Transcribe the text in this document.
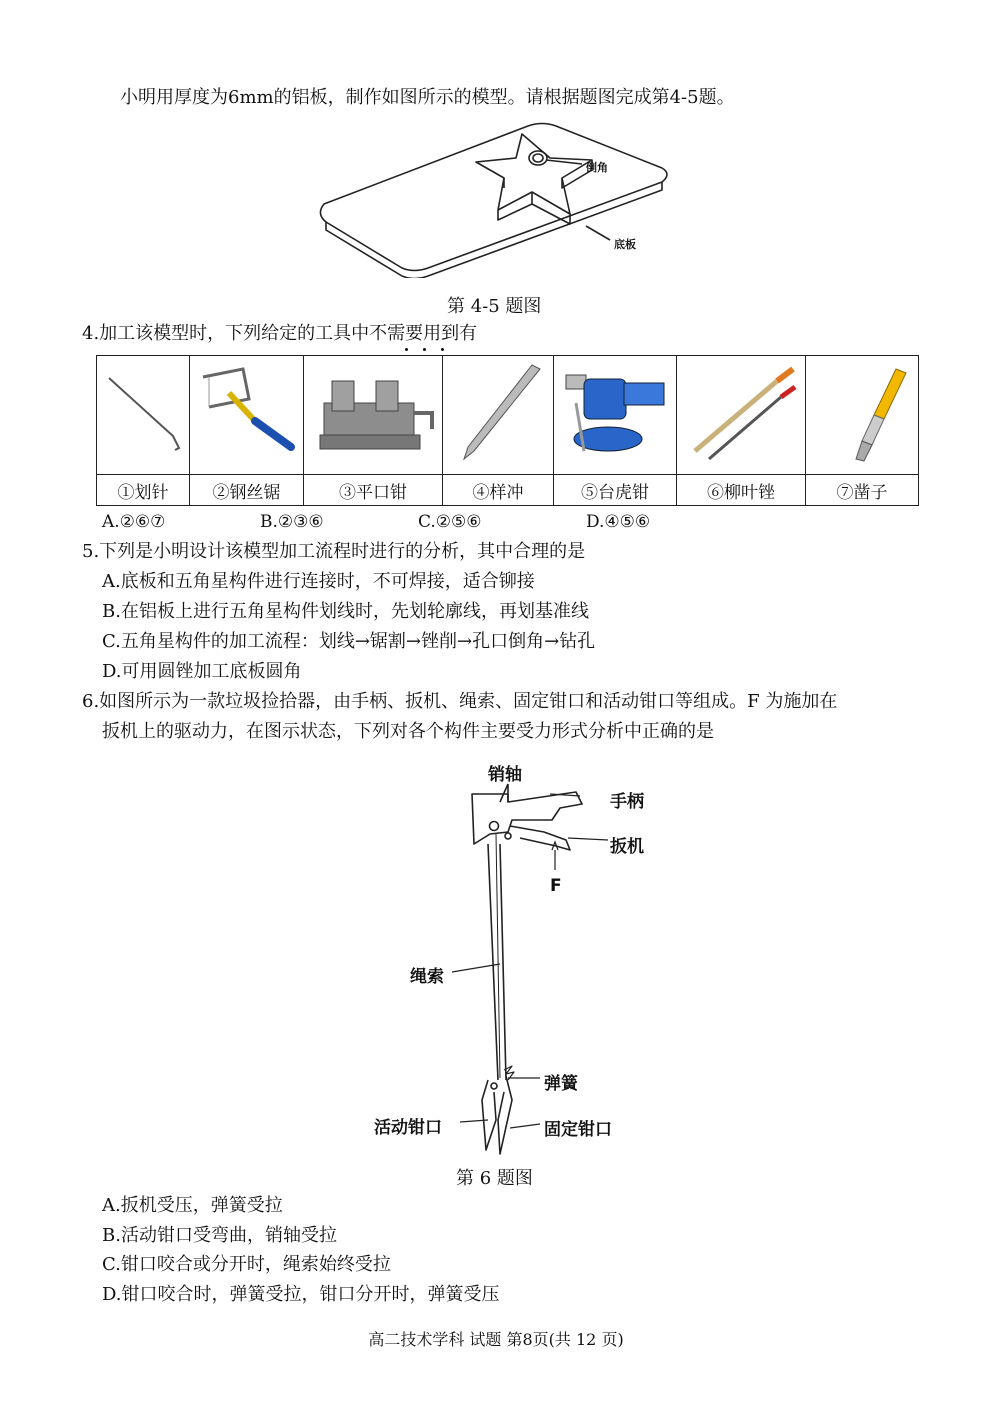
小明用厚度为6mm的铝板，制作如图所示的模型。请根据题图完成第4-5题。
倒角
底板
第 4-5 题图
4.加工该模型时，下列给定的工具中不需要用到有

①划针	②钢丝锯	③平口钳	④样冲	⑤台虎钳	⑥柳叶锉	⑦凿子
A.②⑥⑦	B.②③⑥	C.②⑤⑥	D.④⑤⑥
5.下列是小明设计该模型加工流程时进行的分析，其中合理的是
A.底板和五角星构件进行连接时，不可焊接，适合铆接
B.在铝板上进行五角星构件划线时，先划轮廓线，再划基准线
C.五角星构件的加工流程：划线→锯割→锉削→孔口倒角→钻孔
D.可用圆锉加工底板圆角
6.如图所示为一款垃圾捡拾器，由手柄、扳机、绳索、固定钳口和活动钳口等组成。F 为施加在
扳机上的驱动力，在图示状态，下列对各个构件主要受力形式分析中正确的是
销轴
手柄
扳机
F
绳索
弹簧
活动钳口	固定钳口
第 6 题图
A.扳机受压，弹簧受拉
B.活动钳口受弯曲，销轴受拉
C.钳口咬合或分开时，绳索始终受拉
D.钳口咬合时，弹簧受拉，钳口分开时，弹簧受压
高二技术学科 试题 第8页(共 12 页)
